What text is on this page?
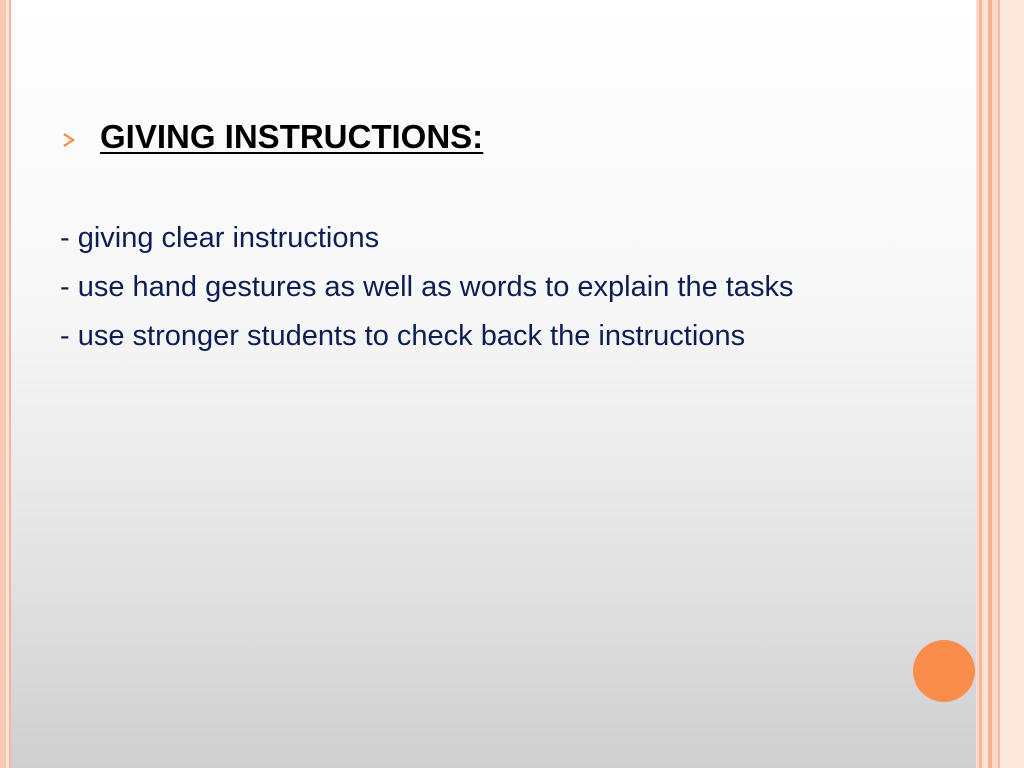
GIVING INSTRUCTIONS:
- giving clear instructions
- use hand gestures as well as words to explain the tasks
- use stronger students to check back the instructions
